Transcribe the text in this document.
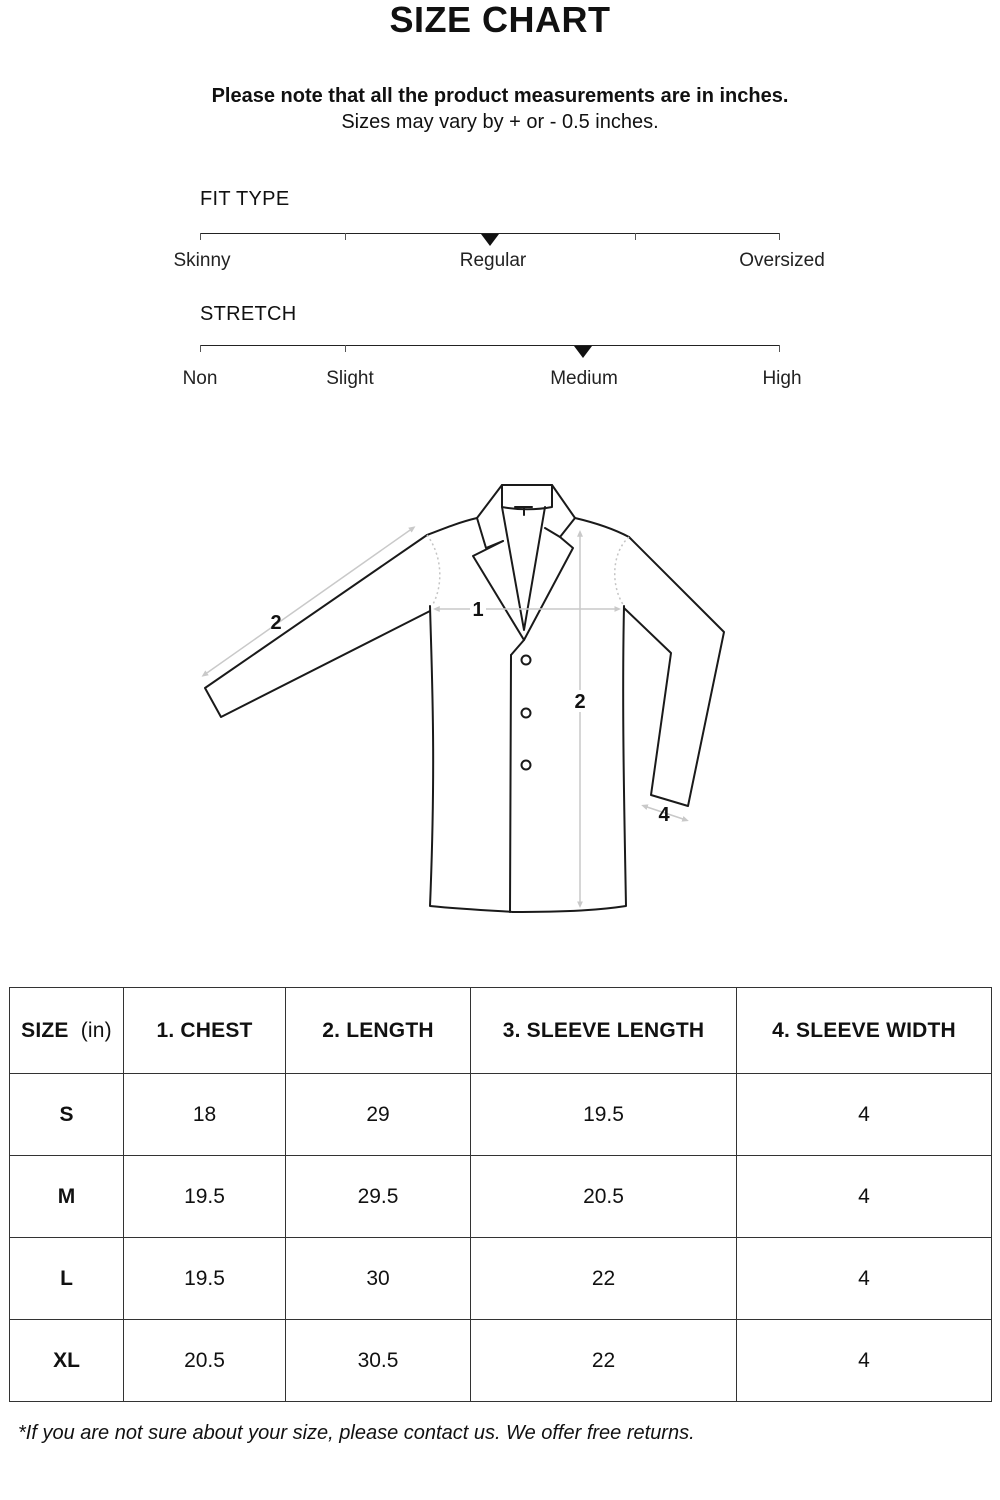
SIZE CHART
Please note that all the product measurements are in inches.
Sizes may vary by + or - 0.5 inches.
FIT TYPE
Skinny	Regular	Oversized
STRETCH
Non	Slight	Medium	High
1
2
2
4
SIZE (in)	1. CHEST	2. LENGTH	3. SLEEVE LENGTH	4. SLEEVE WIDTH
S	18	29	19.5	4
M	19.5	29.5	20.5	4
L	19.5	30	22	4
XL	20.5	30.5	22	4
*If you are not sure about your size, please contact us. We offer free returns.
